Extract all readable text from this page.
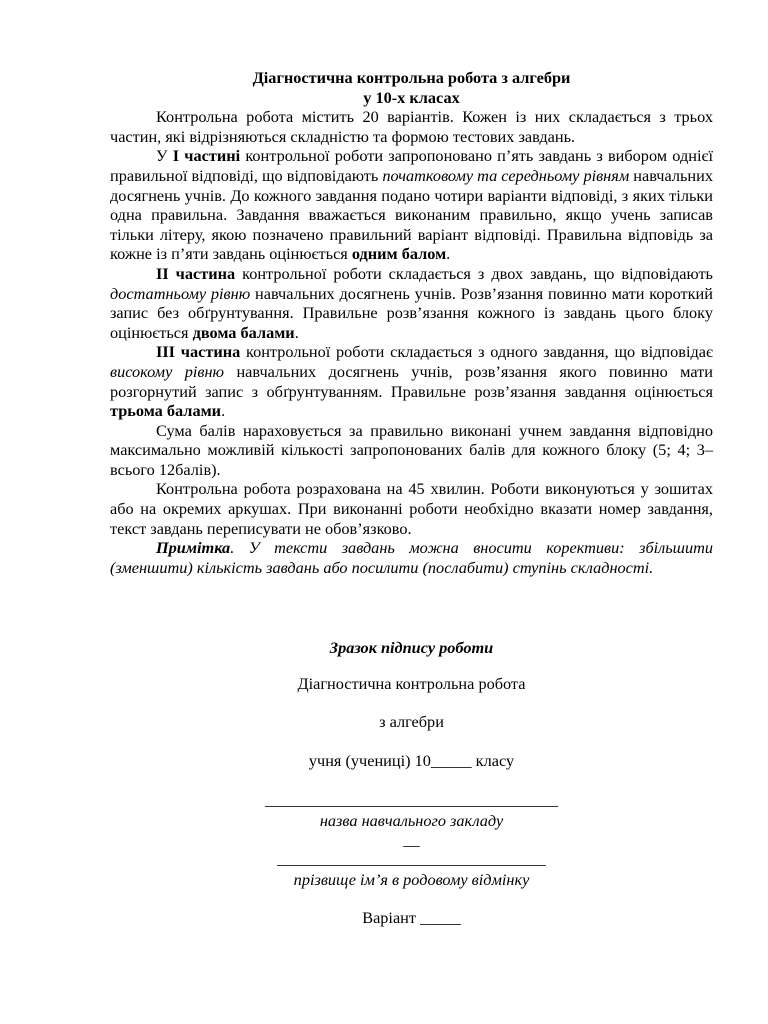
Діагностична контрольна робота з алгебри

у 10-х класах

Контрольна робота містить 20 варіантів. Кожен із них складається з трьох частин, які відрізняються складністю та формою тестових завдань.

У І частині контрольної роботи запропоновано п’ять завдань з вибором однієї правильної відповіді, що відповідають початковому та середньому рівням навчальних досягнень учнів. До кожного завдання подано чотири варіанти відповіді, з яких тільки одна правильна. Завдання вважається виконаним правильно, якщо учень записав тільки літеру, якою позначено правильний варіант відповіді. Правильна відповідь за кожне із п’яти завдань оцінюється одним балом.

ІІ частина контрольної роботи складається з двох завдань, що відповідають достатньому рівню навчальних досягнень учнів. Розв’язання повинно мати короткий запис без обґрунтування. Правильне розв’язання кожного із завдань цього блоку оцінюється двома балами.

ІІІ частина контрольної роботи складається з одного завдання, що відповідає високому рівню навчальних досягнень учнів, розв’язання якого повинно мати розгорнутий запис з обґрунтуванням. Правильне розв’язання завдання оцінюється трьома балами.

Сума балів нараховується за правильно виконані учнем завдання відповідно максимально можливій кількості запропонованих балів для кожного блоку (5; 4; 3–всього 12балів).

Контрольна робота розрахована на 45 хвилин. Роботи виконуються у зошитах або на окремих аркушах. При виконанні роботи необхідно вказати номер завдання, текст завдань переписувати не обов’язково.

Примітка. У тексти завдань можна вносити корективи: збільшити (зменшити) кількість завдань або посилити (послабити) ступінь складності.

Зразок підпису роботи
Діагностична контрольна робота
з алгебри
учня (учениці) 10_____ класу
____________________________________
назва навчального закладу
__
_________________________________
прізвище ім’я в родовому відмінку
Варіант _____
